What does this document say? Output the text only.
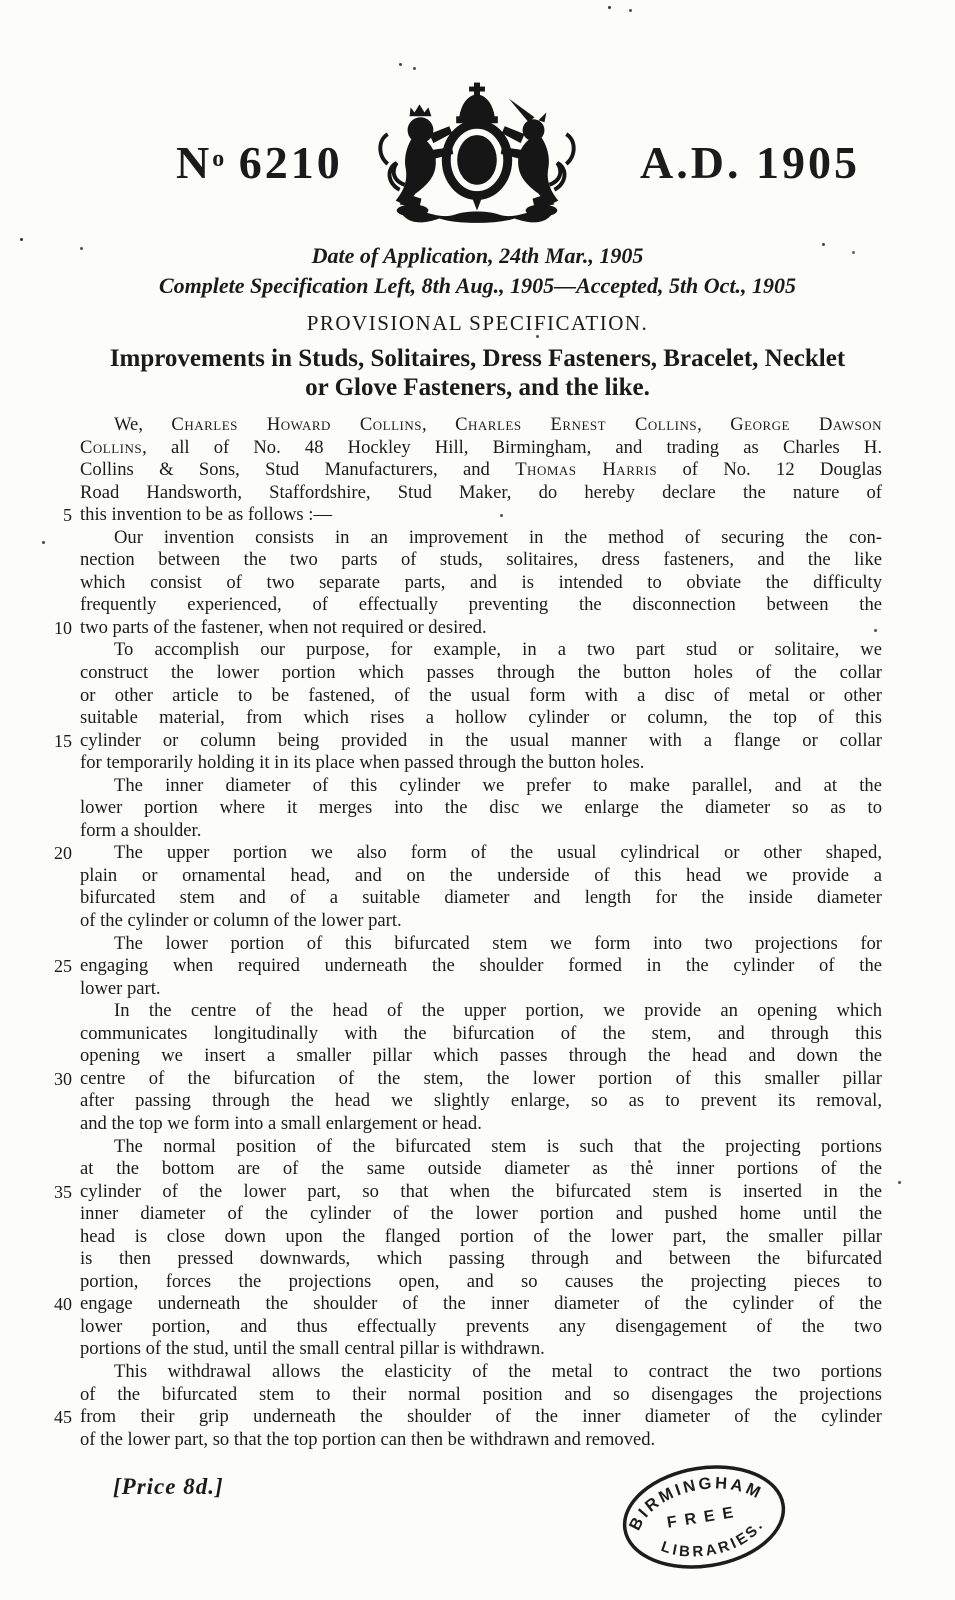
$N^o$ 6210	A.D. 1905
Date of Application, 24th Mar., 1905
Complete Specification Left, 8th Aug., 1905—Accepted, 5th Oct., 1905
PROVISIONAL SPECIFICATION.
Improvements in Studs, Solitaires, Dress Fasteners, Bracelet, Necklet
or Glove Fasteners, and the like.
We, Charles Howard Collins, Charles Ernest Collins, George Dawson
Collins, all of No. 48 Hockley Hill, Birmingham, and trading as Charles H.
Collins & Sons, Stud Manufacturers, and Thomas Harris of No. 12 Douglas
Road Handsworth, Staffordshire, Stud Maker, do hereby declare the nature of
5 this invention to be as follows :—
Our invention consists in an improvement in the method of securing the con-
nection between the two parts of studs, solitaires, dress fasteners, and the like
which consist of two separate parts, and is intended to obviate the difficulty
frequently experienced, of effectually preventing the disconnection between the
10 two parts of the fastener, when not required or desired.
To accomplish our purpose, for example, in a two part stud or solitaire, we
construct the lower portion which passes through the button holes of the collar
or other article to be fastened, of the usual form with a disc of metal or other
suitable material, from which rises a hollow cylinder or column, the top of this
15 cylinder or column being provided in the usual manner with a flange or collar
for temporarily holding it in its place when passed through the button holes.
The inner diameter of this cylinder we prefer to make parallel, and at the
lower portion where it merges into the disc we enlarge the diameter so as to
form a shoulder.
20	The upper portion we also form of the usual cylindrical or other shaped,
plain or ornamental head, and on the underside of this head we provide a
bifurcated stem and of a suitable diameter and length for the inside diameter
of the cylinder or column of the lower part.
The lower portion of this bifurcated stem we form into two projections for
25 engaging when required underneath the shoulder formed in the cylinder of the
lower part.
In the centre of the head of the upper portion, we provide an opening which
communicates longitudinally with the bifurcation of the stem, and through this
opening we insert a smaller pillar which passes through the head and down the
30 centre of the bifurcation of the stem, the lower portion of this smaller pillar
after passing through the head we slightly enlarge, so as to prevent its removal,
and the top we form into a small enlargement or head.
The normal position of the bifurcated stem is such that the projecting portions
at the bottom are of the same outside diameter as the inner portions of the
35 cylinder of the lower part, so that when the bifurcated stem is inserted in the
inner diameter of the cylinder of the lower portion and pushed home until the
head is close down upon the flanged portion of the lower part, the smaller pillar
is then pressed downwards, which passing through and between the bifurcated
portion, forces the projections open, and so causes the projecting pieces to
40 engage underneath the shoulder of the inner diameter of the cylinder of the
lower portion, and thus effectually prevents any disengagement of the two
portions of the stud, until the small central pillar is withdrawn.
This withdrawal allows the elasticity of the metal to contract the two portions
of the bifurcated stem to their normal position and so disengages the projections
45 from their grip underneath the shoulder of the inner diameter of the cylinder
of the lower part, so that the top portion can then be withdrawn and removed.
[Price 8d.]
BIRMINGHAM
FREE
LIBRARIES.
